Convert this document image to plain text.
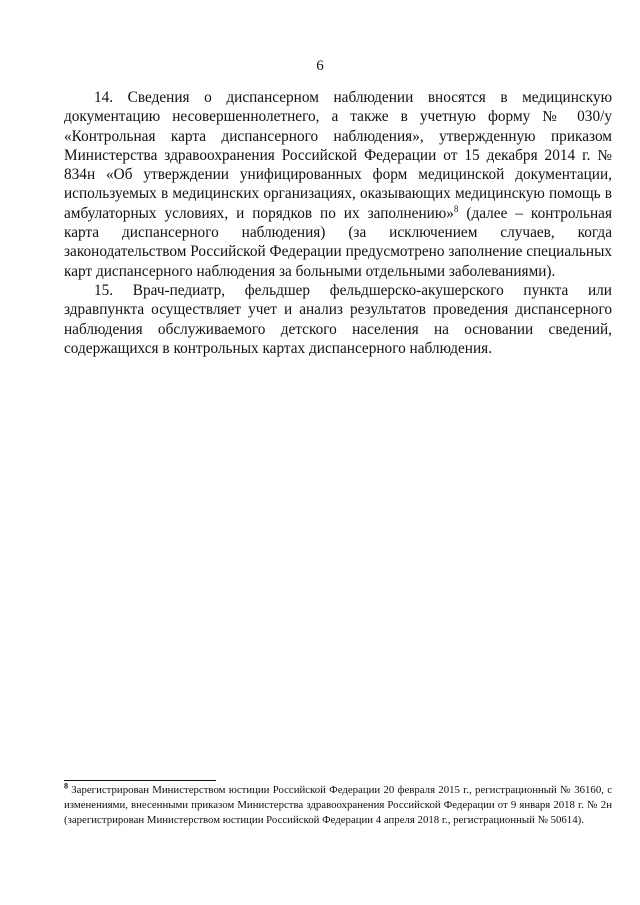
6

14. Сведения о диспансерном наблюдении вносятся в медицинскую документацию несовершеннолетнего, а также в учетную форму № 030/у «Контрольная карта диспансерного наблюдения», утвержденную приказом Министерства здравоохранения Российской Федерации от 15 декабря 2014 г. № 834н «Об утверждении унифицированных форм медицинской документации, используемых в медицинских организациях, оказывающих медицинскую помощь в амбулаторных условиях, и порядков по их заполнению»$^8$ (далее – контрольная карта диспансерного наблюдения) (за исключением случаев, когда законодательством Российской Федерации предусмотрено заполнение специальных карт диспансерного наблюдения за больными отдельными заболеваниями).

15. Врач-педиатр, фельдшер фельдшерско-акушерского пункта или здравпункта осуществляет учет и анализ результатов проведения диспансерного наблюдения обслуживаемого детского населения на основании сведений, содержащихся в контрольных картах диспансерного наблюдения.

$^8$ Зарегистрирован Министерством юстиции Российской Федерации 20 февраля 2015 г., регистрационный № 36160, с изменениями, внесенными приказом Министерства здравоохранения Российской Федерации от 9 января 2018 г. № 2н (зарегистрирован Министерством юстиции Российской Федерации 4 апреля 2018 г., регистрационный № 50614).
